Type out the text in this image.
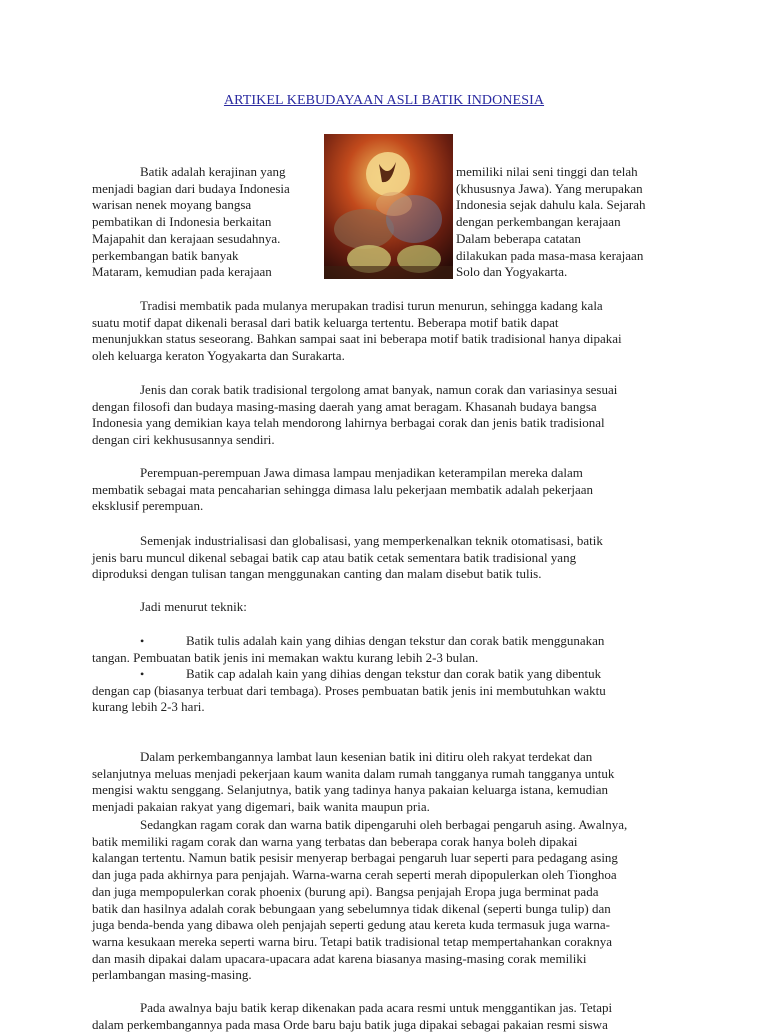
ARTIKEL KEBUDAYAAN ASLI BATIK INDONESIA
Batik adalah kerajinan yang
menjadi bagian dari budaya Indonesia
warisan nenek moyang bangsa
pembatikan di Indonesia berkaitan
Majapahit dan kerajaan sesudahnya.
perkembangan batik banyak
Mataram, kemudian pada kerajaan
memiliki nilai seni tinggi dan telah
(khususnya Jawa). Yang merupakan
Indonesia sejak dahulu kala. Sejarah
dengan perkembangan kerajaan
Dalam beberapa catatan
dilakukan pada masa-masa kerajaan
Solo dan Yogyakarta.
Tradisi membatik pada mulanya merupakan tradisi turun menurun, sehingga kadang kala
suatu motif dapat dikenali berasal dari batik keluarga tertentu. Beberapa motif batik dapat
menunjukkan status seseorang. Bahkan sampai saat ini beberapa motif batik tradisional hanya dipakai
oleh keluarga keraton Yogyakarta dan Surakarta.
Jenis dan corak batik tradisional tergolong amat banyak, namun corak dan variasinya sesuai
dengan filosofi dan budaya masing-masing daerah yang amat beragam. Khasanah budaya bangsa
Indonesia yang demikian kaya telah mendorong lahirnya berbagai corak dan jenis batik tradisional
dengan ciri kekhususannya sendiri.
Perempuan-perempuan Jawa dimasa lampau menjadikan keterampilan mereka dalam
membatik sebagai mata pencaharian sehingga dimasa lalu pekerjaan membatik adalah pekerjaan
eksklusif perempuan.
Semenjak industrialisasi dan globalisasi, yang memperkenalkan teknik otomatisasi, batik
jenis baru muncul dikenal sebagai batik cap atau batik cetak sementara batik tradisional yang
diproduksi dengan tulisan tangan menggunakan canting dan malam disebut batik tulis.
Jadi menurut teknik:
•	Batik tulis adalah kain yang dihias dengan tekstur dan corak batik menggunakan
tangan. Pembuatan batik jenis ini memakan waktu kurang lebih 2-3 bulan.
•	Batik cap adalah kain yang dihias dengan tekstur dan corak batik yang dibentuk
dengan cap (biasanya terbuat dari tembaga). Proses pembuatan batik jenis ini membutuhkan waktu
kurang lebih 2-3 hari.
Dalam perkembangannya lambat laun kesenian batik ini ditiru oleh rakyat terdekat dan
selanjutnya meluas menjadi pekerjaan kaum wanita dalam rumah tangganya rumah tangganya untuk
mengisi waktu senggang. Selanjutnya, batik yang tadinya hanya pakaian keluarga istana, kemudian
menjadi pakaian rakyat yang digemari, baik wanita maupun pria.
Sedangkan ragam corak dan warna batik dipengaruhi oleh berbagai pengaruh asing. Awalnya,
batik memiliki ragam corak dan warna yang terbatas dan beberapa corak hanya boleh dipakai
kalangan tertentu. Namun batik pesisir menyerap berbagai pengaruh luar seperti para pedagang asing
dan juga pada akhirnya para penjajah. Warna-warna cerah seperti merah dipopulerkan oleh Tionghoa
dan juga mempopulerkan corak phoenix (burung api). Bangsa penjajah Eropa juga berminat pada
batik dan hasilnya adalah corak bebungaan yang sebelumnya tidak dikenal (seperti bunga tulip) dan
juga benda-benda yang dibawa oleh penjajah seperti gedung atau kereta kuda termasuk juga warna-
warna kesukaan mereka seperti warna biru. Tetapi batik tradisional tetap mempertahankan coraknya
dan masih dipakai dalam upacara-upacara adat karena biasanya masing-masing corak memiliki
perlambangan masing-masing.
Pada awalnya baju batik kerap dikenakan pada acara resmi untuk menggantikan jas. Tetapi
dalam perkembangannya pada masa Orde baru baju batik juga dipakai sebagai pakaian resmi siswa
